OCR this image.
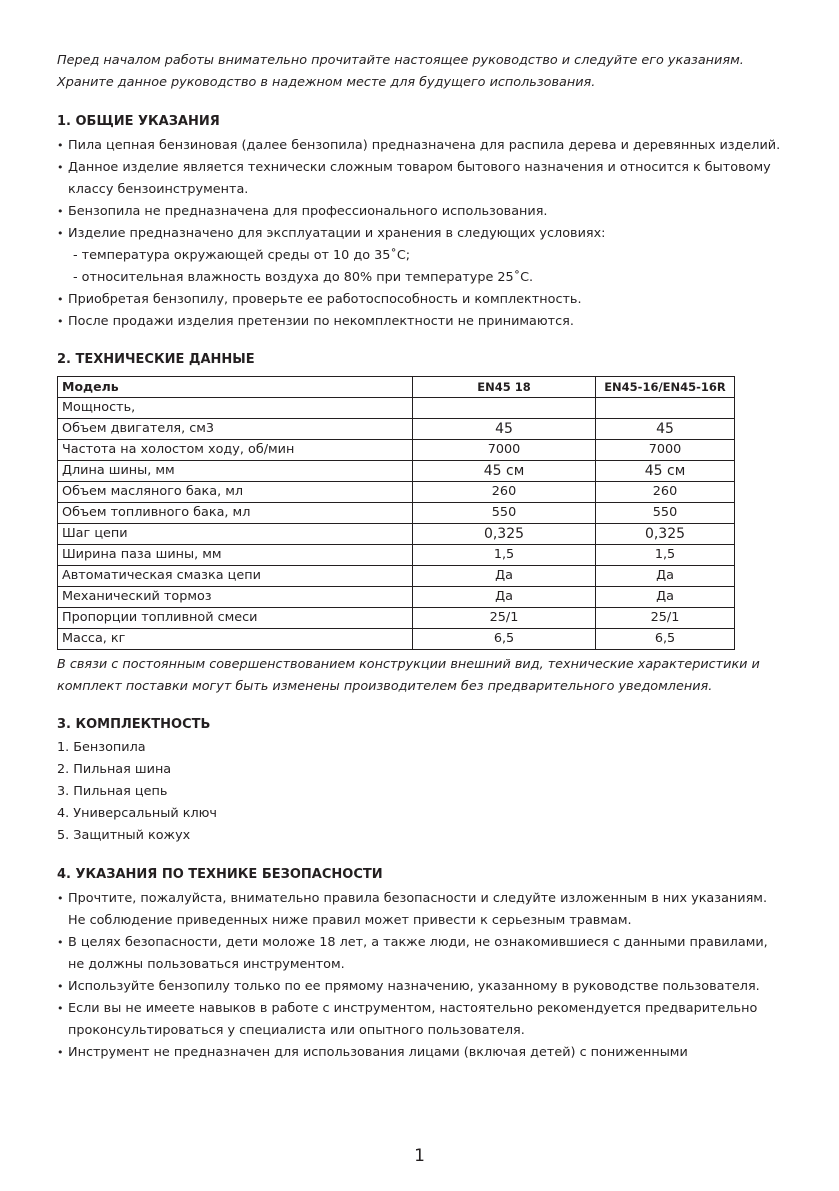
Перед началом работы внимательно прочитайте настоящее руководство и следуйте его указаниям.
Храните данное руководство в надежном месте для будущего использования.

1. ОБЩИЕ УКАЗАНИЯ
• Пила цепная бензиновая (далее бензопила) предназначена для распила дерева и деревянных изделий.
• Данное изделие является технически сложным товаром бытового назначения и относится к бытовому классу бензоинструмента.
• Бензопила не предназначена для профессионального использования.
• Изделие предназначено для эксплуатации и хранения в следующих условиях:
- температура окружающей среды от 10 до 35˚С;
- относительная влажность воздуха до 80% при температуре 25˚С.
• Приобретая бензопилу, проверьте ее работоспособность и комплектность.
• После продажи изделия претензии по некомплектности не принимаются.
2. ТЕХНИЧЕСКИЕ ДАННЫЕ
Модель	EN45 18	EN45-16/EN45-16R
Мощность,		
Объем двигателя, см3	45	45
Частота на холостом ходу, об/мин	7000	7000
Длина шины, мм	45 см	45 см
Объем масляного бака, мл	260	260
Объем топливного бака, мл	550	550
Шаг цепи	0,325	0,325
Ширина паза шины, мм	1,5	1,5
Автоматическая смазка цепи	Да	Да
Механический тормоз	Да	Да
Пропорции топливной смеси	25/1	25/1
Масса, кг	6,5	6,5

В связи с постоянным совершенствованием конструкции внешний вид, технические характеристики и комплект поставки могут быть изменены производителем без предварительного уведомления.

3. КОМПЛЕКТНОСТЬ
1. Бензопила
2. Пильная шина
3. Пильная цепь
4. Универсальный ключ
5. Защитный кожух
4. УКАЗАНИЯ ПО ТЕХНИКЕ БЕЗОПАСНОСТИ
• Прочтите, пожалуйста, внимательно правила безопасности и следуйте изложенным в них указаниям. Не соблюдение приведенных ниже правил может привести к серьезным травмам.
• В целях безопасности, дети моложе 18 лет, а также люди, не ознакомившиеся с данными правилами, не должны пользоваться инструментом.
• Используйте бензопилу только по ее прямому назначению, указанному в руководстве пользователя.
• Если вы не имеете навыков в работе с инструментом, настоятельно рекомендуется предварительно проконсультироваться у специалиста или опытного пользователя.
• Инструмент не предназначен для использования лицами (включая детей) с пониженными
1
